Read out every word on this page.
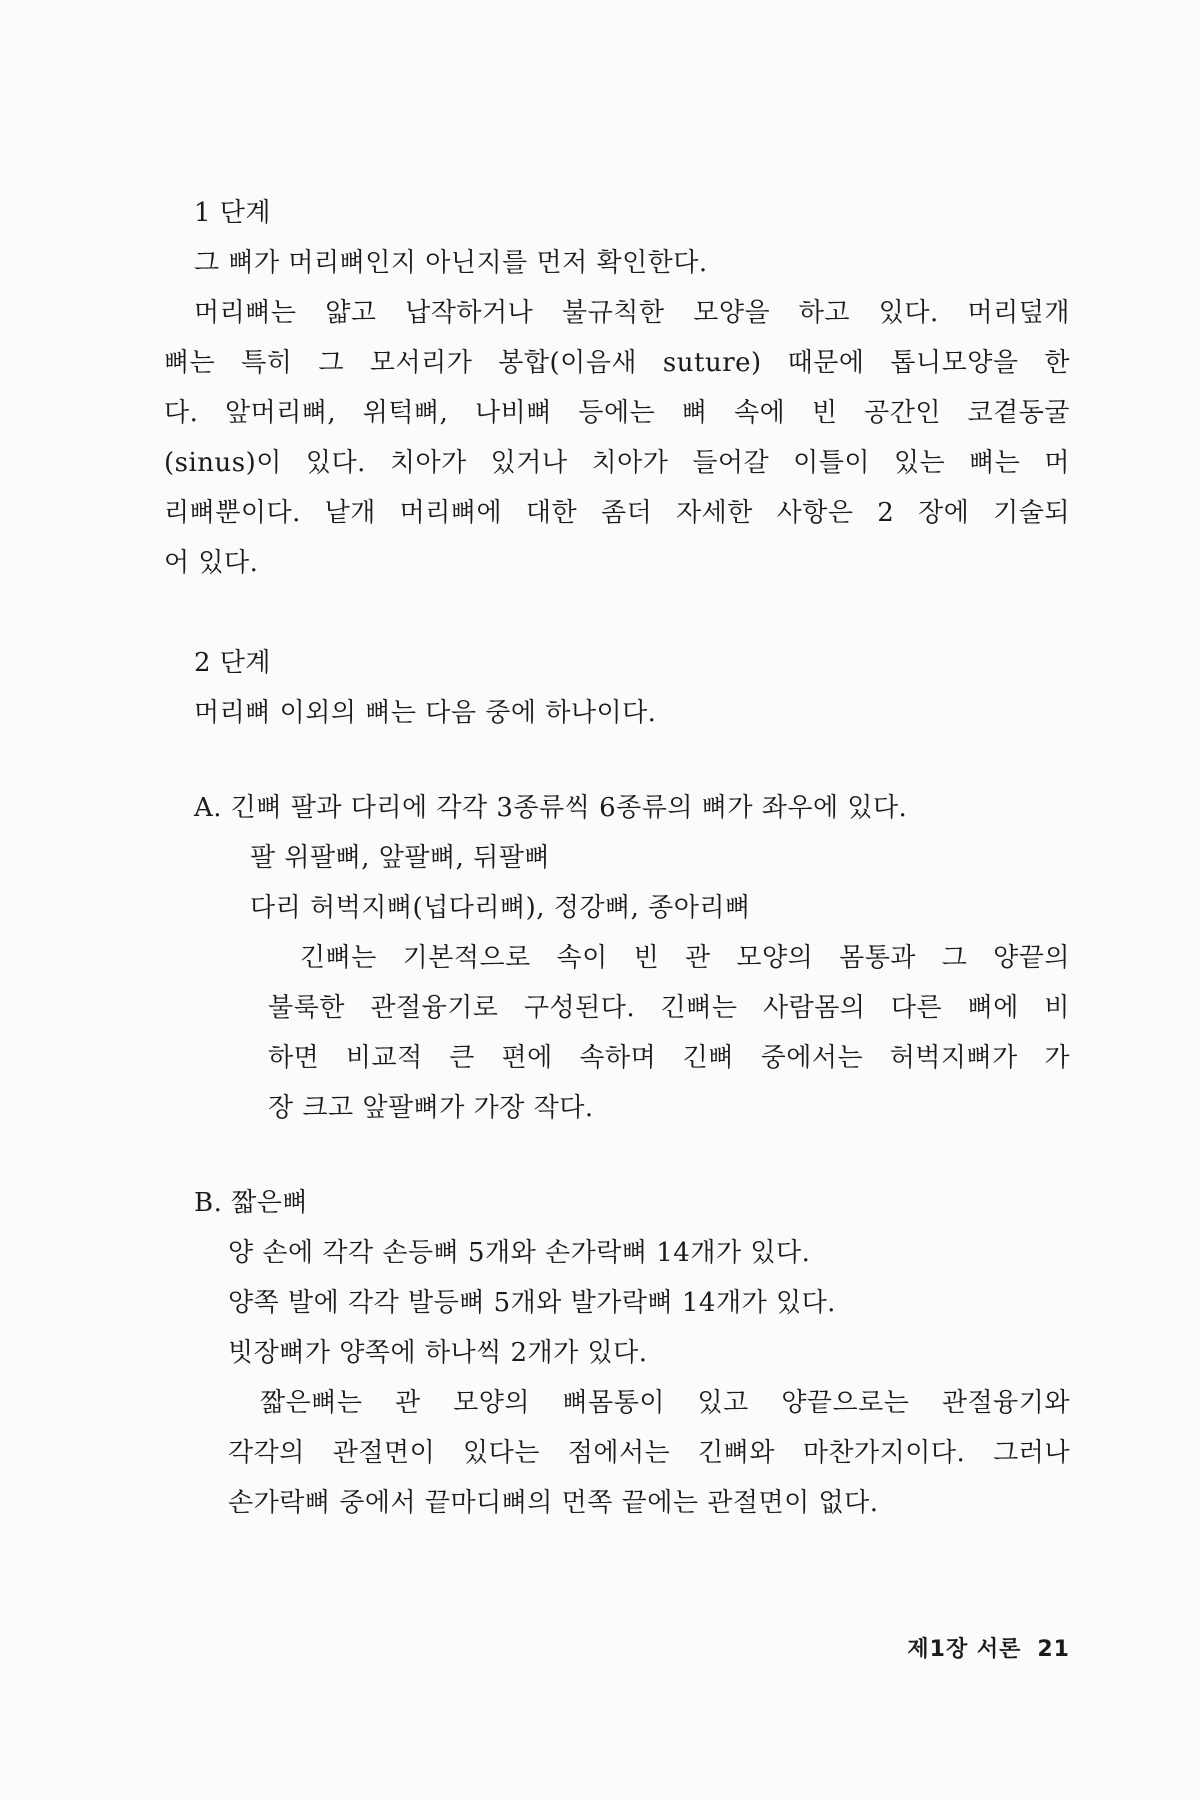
1 단계
그 뼈가 머리뼈인지 아닌지를 먼저 확인한다.
머리뼈는 얇고 납작하거나 불규칙한 모양을 하고 있다. 머리덮개
뼈는 특히 그 모서리가 봉합(이음새 suture) 때문에 톱니모양을 한
다. 앞머리뼈, 위턱뼈, 나비뼈 등에는 뼈 속에 빈 공간인 코곁동굴
(sinus)이 있다. 치아가 있거나 치아가 들어갈 이틀이 있는 뼈는 머
리뼈뿐이다. 낱개 머리뼈에 대한 좀더 자세한 사항은 2 장에 기술되
어 있다.
2 단계
머리뼈 이외의 뼈는 다음 중에 하나이다.
A. 긴뼈 팔과 다리에 각각 3종류씩 6종류의 뼈가 좌우에 있다.
팔 위팔뼈, 앞팔뼈, 뒤팔뼈
다리 허벅지뼈(넙다리뼈), 정강뼈, 종아리뼈
긴뼈는 기본적으로 속이 빈 관 모양의 몸통과 그 양끝의
불룩한 관절융기로 구성된다. 긴뼈는 사람몸의 다른 뼈에 비
하면 비교적 큰 편에 속하며 긴뼈 중에서는 허벅지뼈가 가
장 크고 앞팔뼈가 가장 작다.
B. 짧은뼈
양 손에 각각 손등뼈 5개와 손가락뼈 14개가 있다.
양쪽 발에 각각 발등뼈 5개와 발가락뼈 14개가 있다.
빗장뼈가 양쪽에 하나씩 2개가 있다.
짧은뼈는 관 모양의 뼈몸통이 있고 양끝으로는 관절융기와
각각의 관절면이 있다는 점에서는 긴뼈와 마찬가지이다. 그러나
손가락뼈 중에서 끝마디뼈의 먼쪽 끝에는 관절면이 없다.
제1장 서론 21
